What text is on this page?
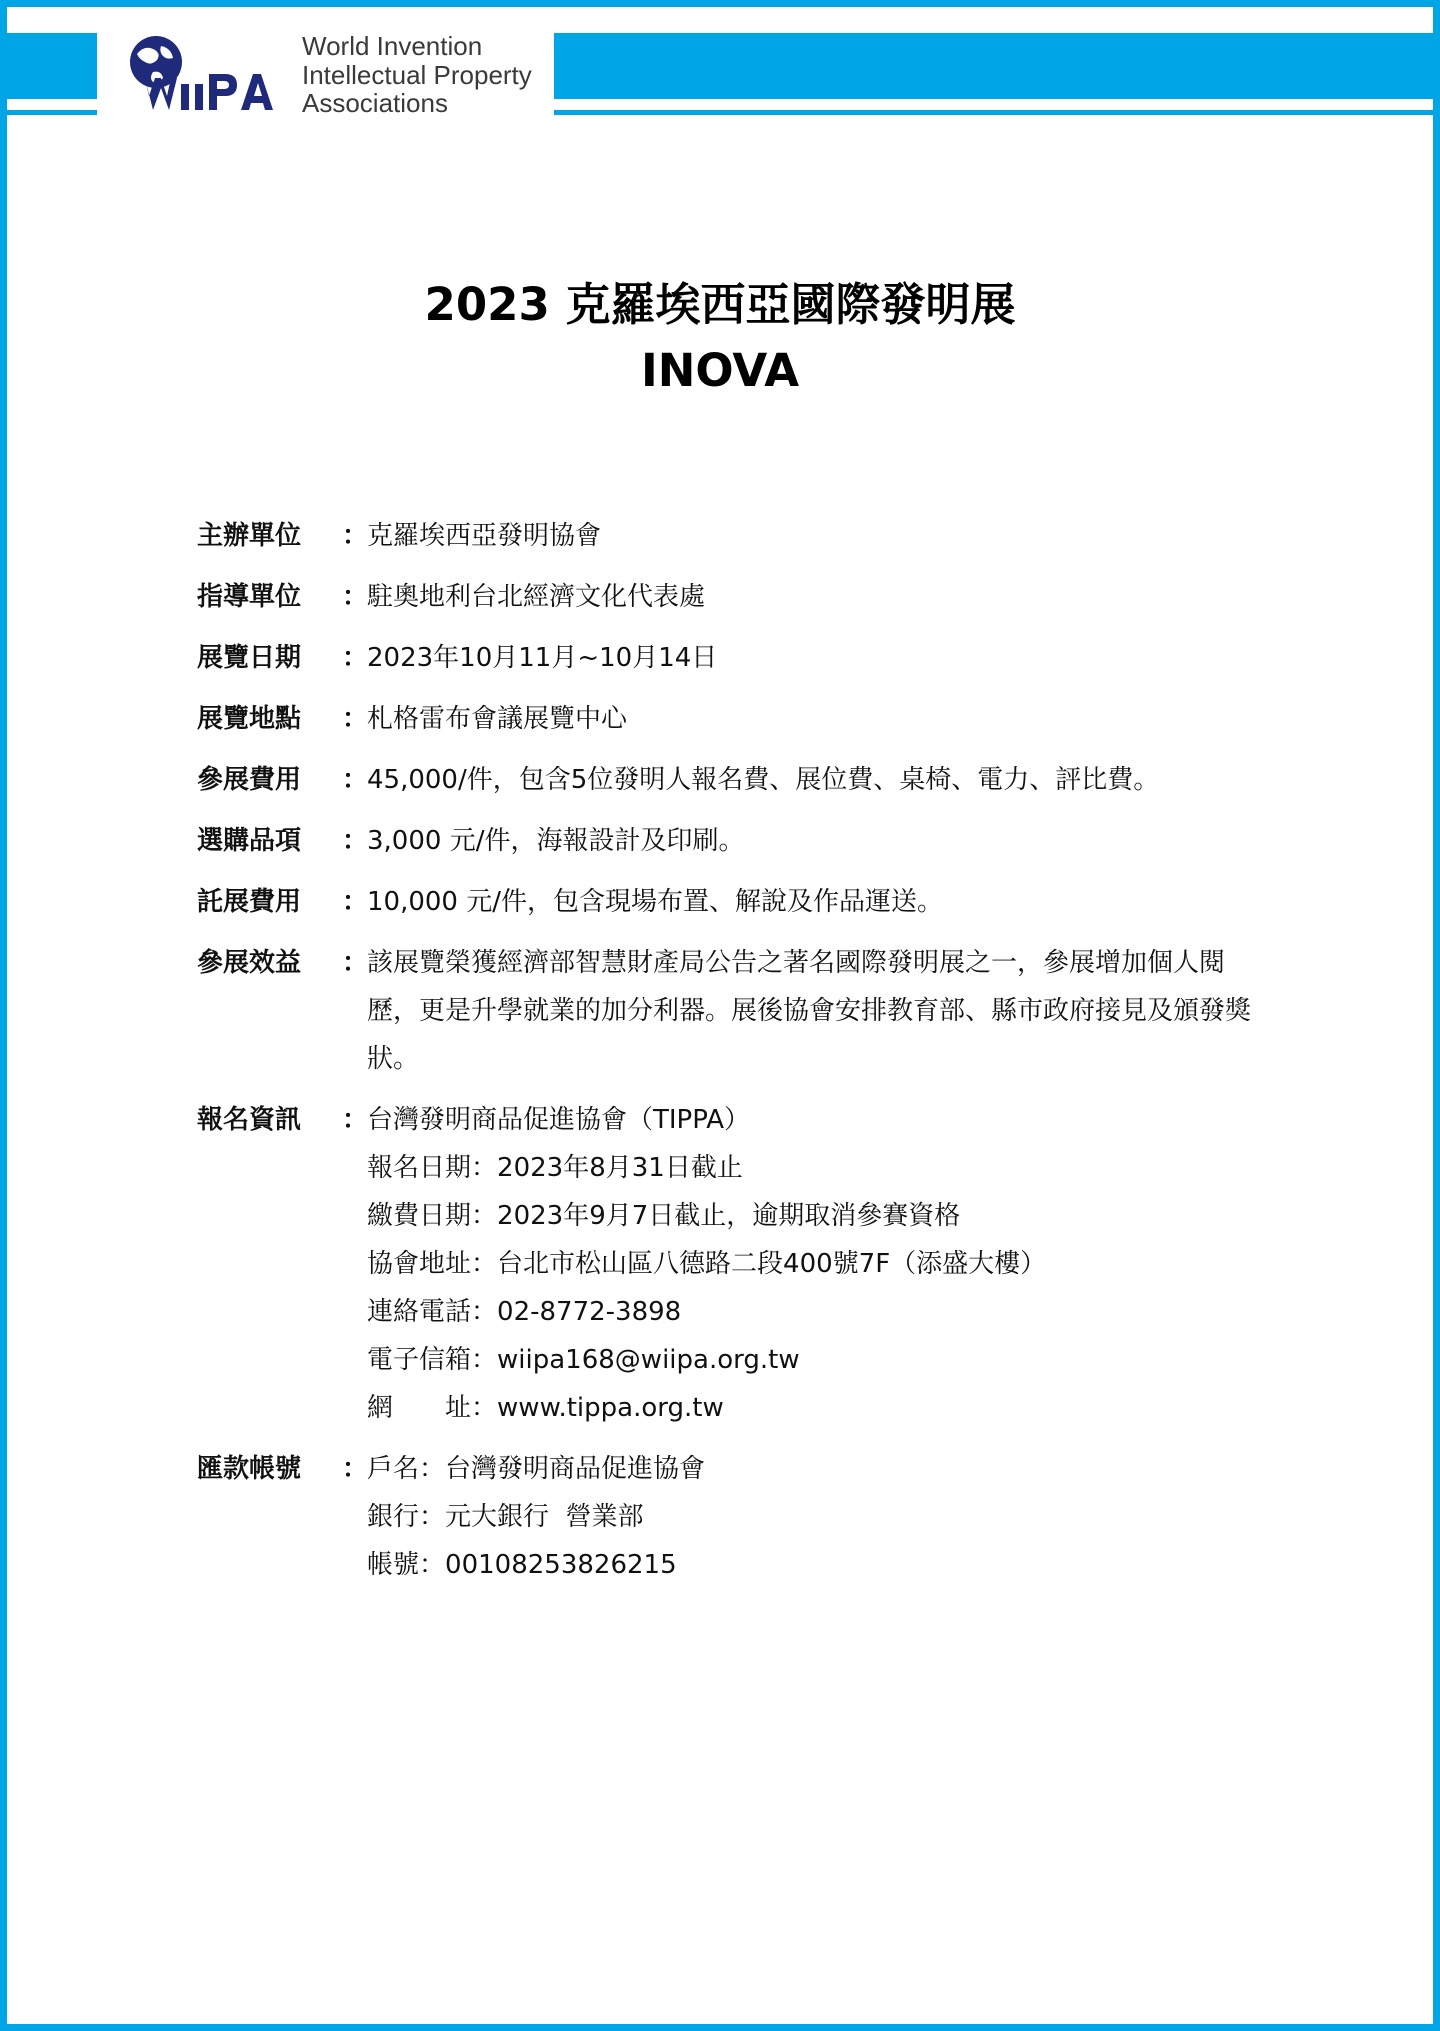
World Invention
Intellectual Property
Associations
2023 克羅埃西亞國際發明展
INOVA
主辦單位	：
克羅埃西亞發明協會
指導單位	：
駐奧地利台北經濟文化代表處
展覽日期	：
2023年10月11月~10月14日
展覽地點	：
札格雷布會議展覽中心
參展費用	：
45,000/件，包含5位發明人報名費、展位費、桌椅、電力、評比費。
選購品項	：
3,000 元/件，海報設計及印刷。
託展費用	：
10,000 元/件，包含現場布置、解說及作品運送。
參展效益	：
該展覽榮獲經濟部智慧財產局公告之著名國際發明展之一，參展增加個人閱歷，更是升學就業的加分利器。展後協會安排教育部、縣市政府接見及頒發獎狀。
報名資訊	：
台灣發明商品促進協會（TIPPA）
報名日期：2023年8月31日截止
繳費日期：2023年9月7日截止，逾期取消參賽資格
協會地址：台北市松山區八德路二段400號7F（添盛大樓）
連絡電話：02-8772-3898
電子信箱：wiipa168@wiipa.org.tw
網 址：www.tippa.org.tw
匯款帳號	：
戶名：台灣發明商品促進協會
銀行：元大銀行  營業部
帳號：00108253826215
